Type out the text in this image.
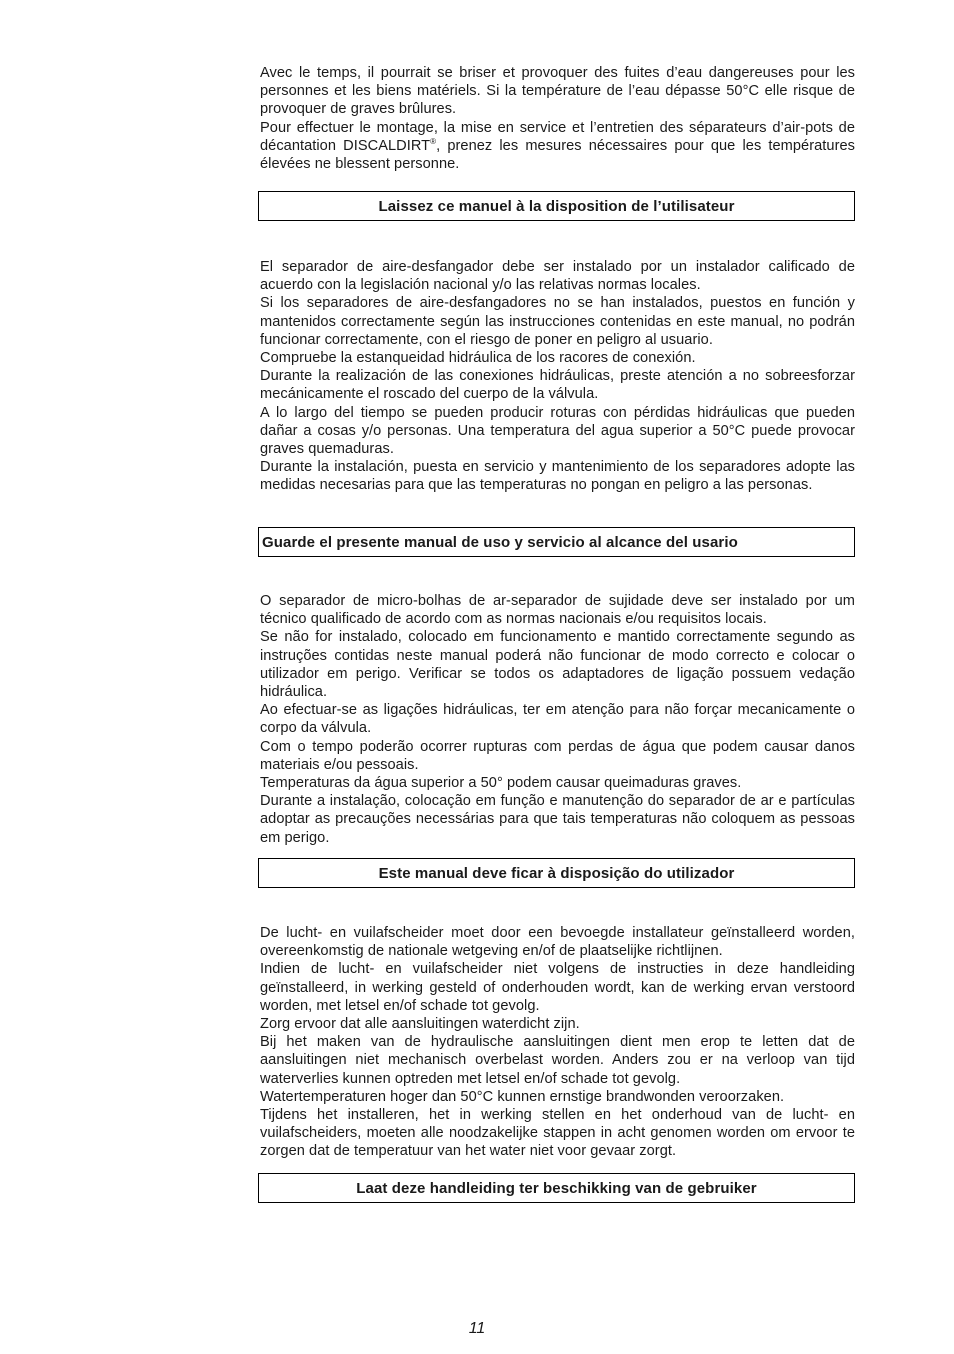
Avec le temps, il pourrait se briser et provoquer des fuites d’eau dangereuses pour les personnes et les biens matériels. Si la température de l’eau dépasse 50°C elle risque de provoquer de graves brûlures.

Pour effectuer le montage, la mise en service et l’entretien des séparateurs d’air-pots de décantation DISCALDIRT®, prenez les mesures nécessaires pour que les températures élevées ne blessent personne.

Laissez ce manuel à la disposition de l’utilisateur

El separador de aire-desfangador debe ser instalado por un instalador calificado de acuerdo con la legislación nacional y/o las relativas normas locales.

Si los separadores de aire-desfangadores no se han instalados, puestos en función y mantenidos correctamente según las instrucciones contenidas en este manual, no podrán funcionar correctamente, con el riesgo de poner en peligro al usuario.

Compruebe la estanqueidad hidráulica de los racores de conexión.

Durante la realización de las conexiones hidráulicas, preste atención a no sobreesforzar mecánicamente el roscado del cuerpo de la válvula.

A lo largo del tiempo se pueden producir roturas con pérdidas hidráulicas que pueden dañar a cosas y/o personas. Una temperatura del agua superior a 50°C puede provocar graves quemaduras.

Durante la instalación, puesta en servicio y mantenimiento de los separadores adopte las medidas necesarias para que las temperaturas no pongan en peligro a las personas.

Guarde el presente manual de uso y servicio al alcance del usario

O separador de micro-bolhas de ar-separador de sujidade deve ser instalado por um técnico qualificado de acordo com as normas nacionais e/ou requisitos locais.

Se não for instalado, colocado em funcionamento e mantido correctamente segundo as instruções contidas neste manual poderá não funcionar de modo correcto e colocar o utilizador em perigo. Verificar se todos os adaptadores de ligação possuem vedação hidráulica.

Ao efectuar-se as ligações hidráulicas, ter em atenção para não forçar mecanicamente o corpo da válvula.

Com o tempo poderão ocorrer rupturas com perdas de água que podem causar danos materiais e/ou pessoais.

Temperaturas da água superior a 50° podem causar queimaduras graves.

Durante a instalação, colocação em função e manutenção do separador de ar e partículas adoptar as precauções necessárias para que tais temperaturas não coloquem as pessoas em perigo.

Este manual deve ficar à disposição do utilizador

De lucht- en vuilafscheider moet door een bevoegde installateur geïnstalleerd worden, overeenkomstig de nationale wetgeving en/of de plaatselijke richtlijnen.

Indien de lucht- en vuilafscheider niet volgens de instructies in deze handleiding geïnstalleerd, in werking gesteld of onderhouden wordt, kan de werking ervan verstoord worden, met letsel en/of schade tot gevolg.

Zorg ervoor dat alle aansluitingen waterdicht zijn.

Bij het maken van de hydraulische aansluitingen dient men erop te letten dat de aansluitingen niet mechanisch overbelast worden. Anders zou er na verloop van tijd waterverlies kunnen optreden met letsel en/of schade tot gevolg.

Watertemperaturen hoger dan 50°C kunnen ernstige brandwonden veroorzaken.

Tijdens het installeren, het in werking stellen en het onderhoud van de lucht- en vuilafscheiders, moeten alle noodzakelijke stappen in acht genomen worden om ervoor te zorgen dat de temperatuur van het water niet voor gevaar zorgt.

Laat deze handleiding ter beschikking van de gebruiker
11
